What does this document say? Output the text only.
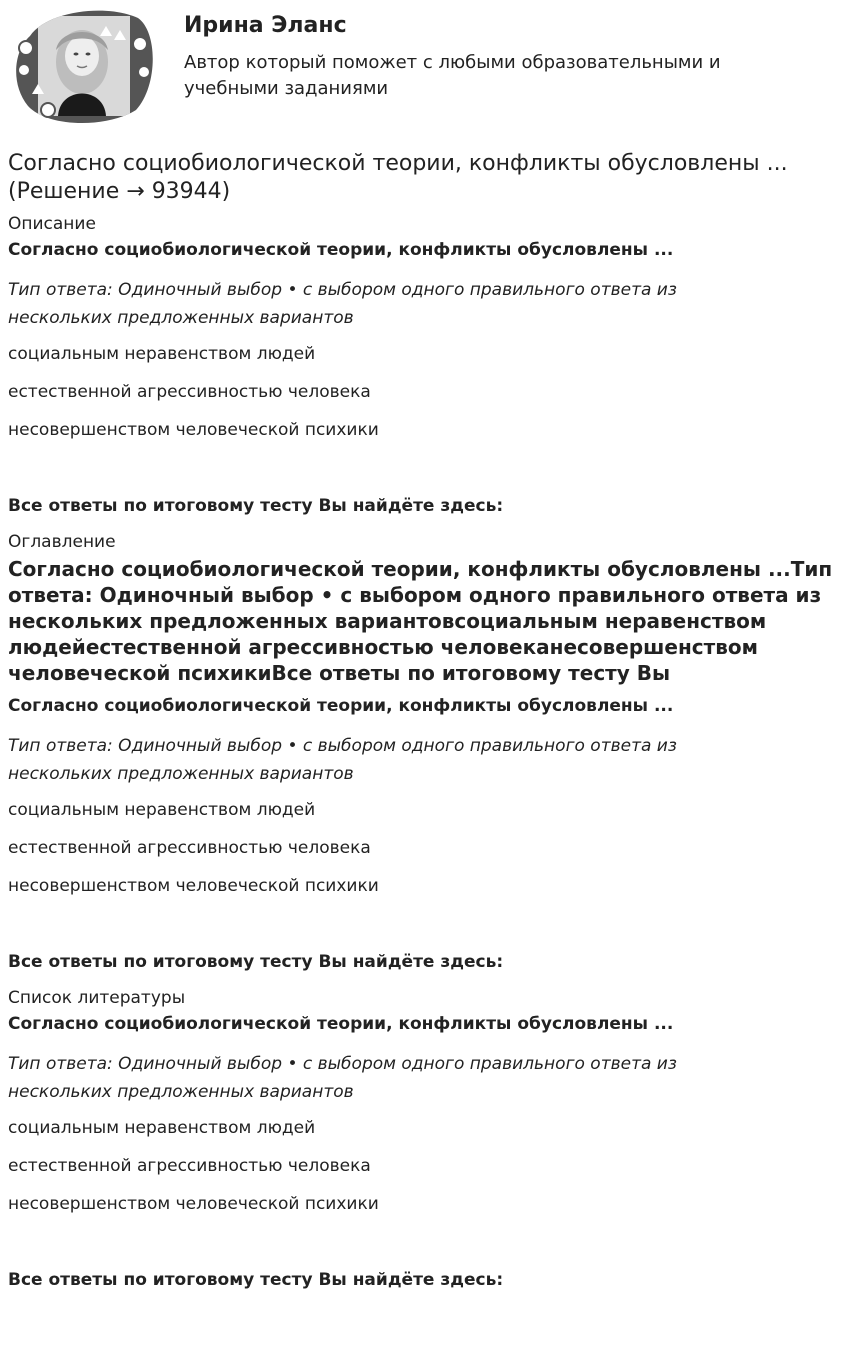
Ирина Эланс

Автор который поможет с любыми образовательными и учебными заданиями

Согласно социобиологической теории, конфликты обусловлены ... (Решение → 93944)

Описание

Согласно социобиологической теории, конфликты обусловлены ...

Тип ответа: Одиночный выбор • с выбором одного правильного ответа из нескольких предложенных вариантов

социальным неравенством людей

естественной агрессивностью человека

несовершенством человеческой психики

Все ответы по итоговому тесту Вы найдёте здесь:

Оглавление

Согласно социобиологической теории, конфликты обусловлены ...Тип ответа: Одиночный выбор • с выбором одного правильного ответа из нескольких предложенных вариантовсоциальным неравенством людейестественной агрессивностью человеканесовершенством человеческой психикиВсе ответы по итоговому тесту Вы

Согласно социобиологической теории, конфликты обусловлены ...

Тип ответа: Одиночный выбор • с выбором одного правильного ответа из нескольких предложенных вариантов

социальным неравенством людей

естественной агрессивностью человека

несовершенством человеческой психики

Все ответы по итоговому тесту Вы найдёте здесь:

Список литературы

Согласно социобиологической теории, конфликты обусловлены ...

Тип ответа: Одиночный выбор • с выбором одного правильного ответа из нескольких предложенных вариантов

социальным неравенством людей

естественной агрессивностью человека

несовершенством человеческой психики

Все ответы по итоговому тесту Вы найдёте здесь:
